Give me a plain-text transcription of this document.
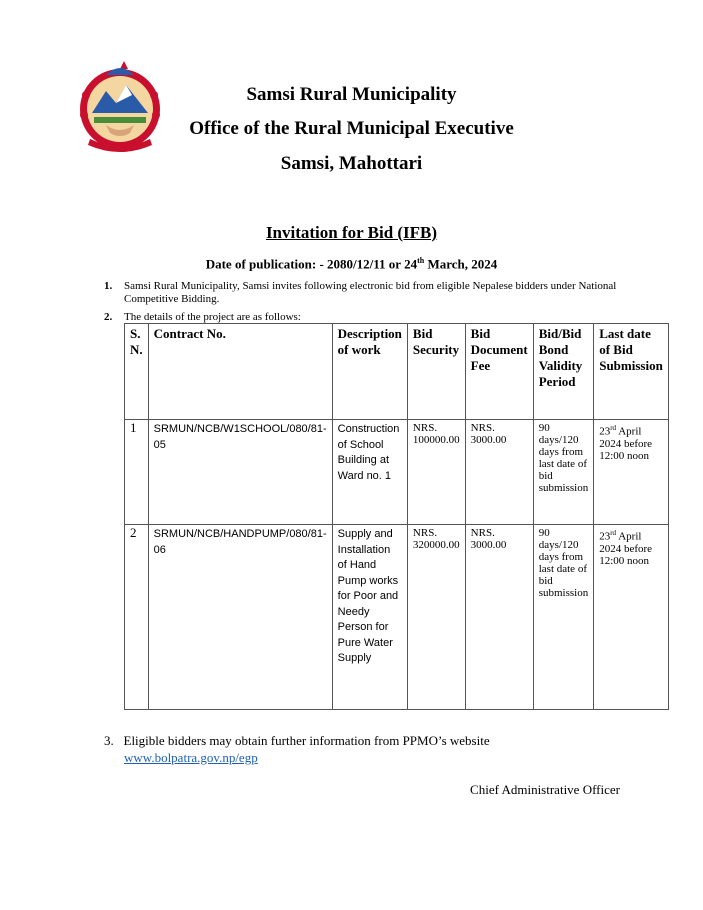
Samsi Rural Municipality
Office of the Rural Municipal Executive
Samsi, Mahottari
Invitation for Bid (IFB)
Date of publication: - 2080/12/11 or 24th March, 2024
1. Samsi Rural Municipality, Samsi invites following electronic bid from eligible Nepalese bidders under National Competitive Bidding.
2. The details of the project are as follows:
S. N.	Contract No.	Description of work	Bid Security	Bid Document Fee	Bid/Bid Bond Validity Period	Last date of Bid Submission
1	SRMUN/NCB/W1SCHOOL/080/81-05	Construction of School Building at Ward no. 1	NRS. 100000.00	NRS. 3000.00	90 days/120 days from last date of bid submission	23rd April 2024 before 12:00 noon
2	SRMUN/NCB/HANDPUMP/080/81-06	Supply and Installation of Hand Pump works for Poor and Needy Person for Pure Water Supply	NRS. 320000.00	NRS. 3000.00	90 days/120 days from last date of bid submission	23rd April 2024 before 12:00 noon
3. Eligible bidders may obtain further information from PPMO’s website
www.bolpatra.gov.np/egp
Chief Administrative Officer
